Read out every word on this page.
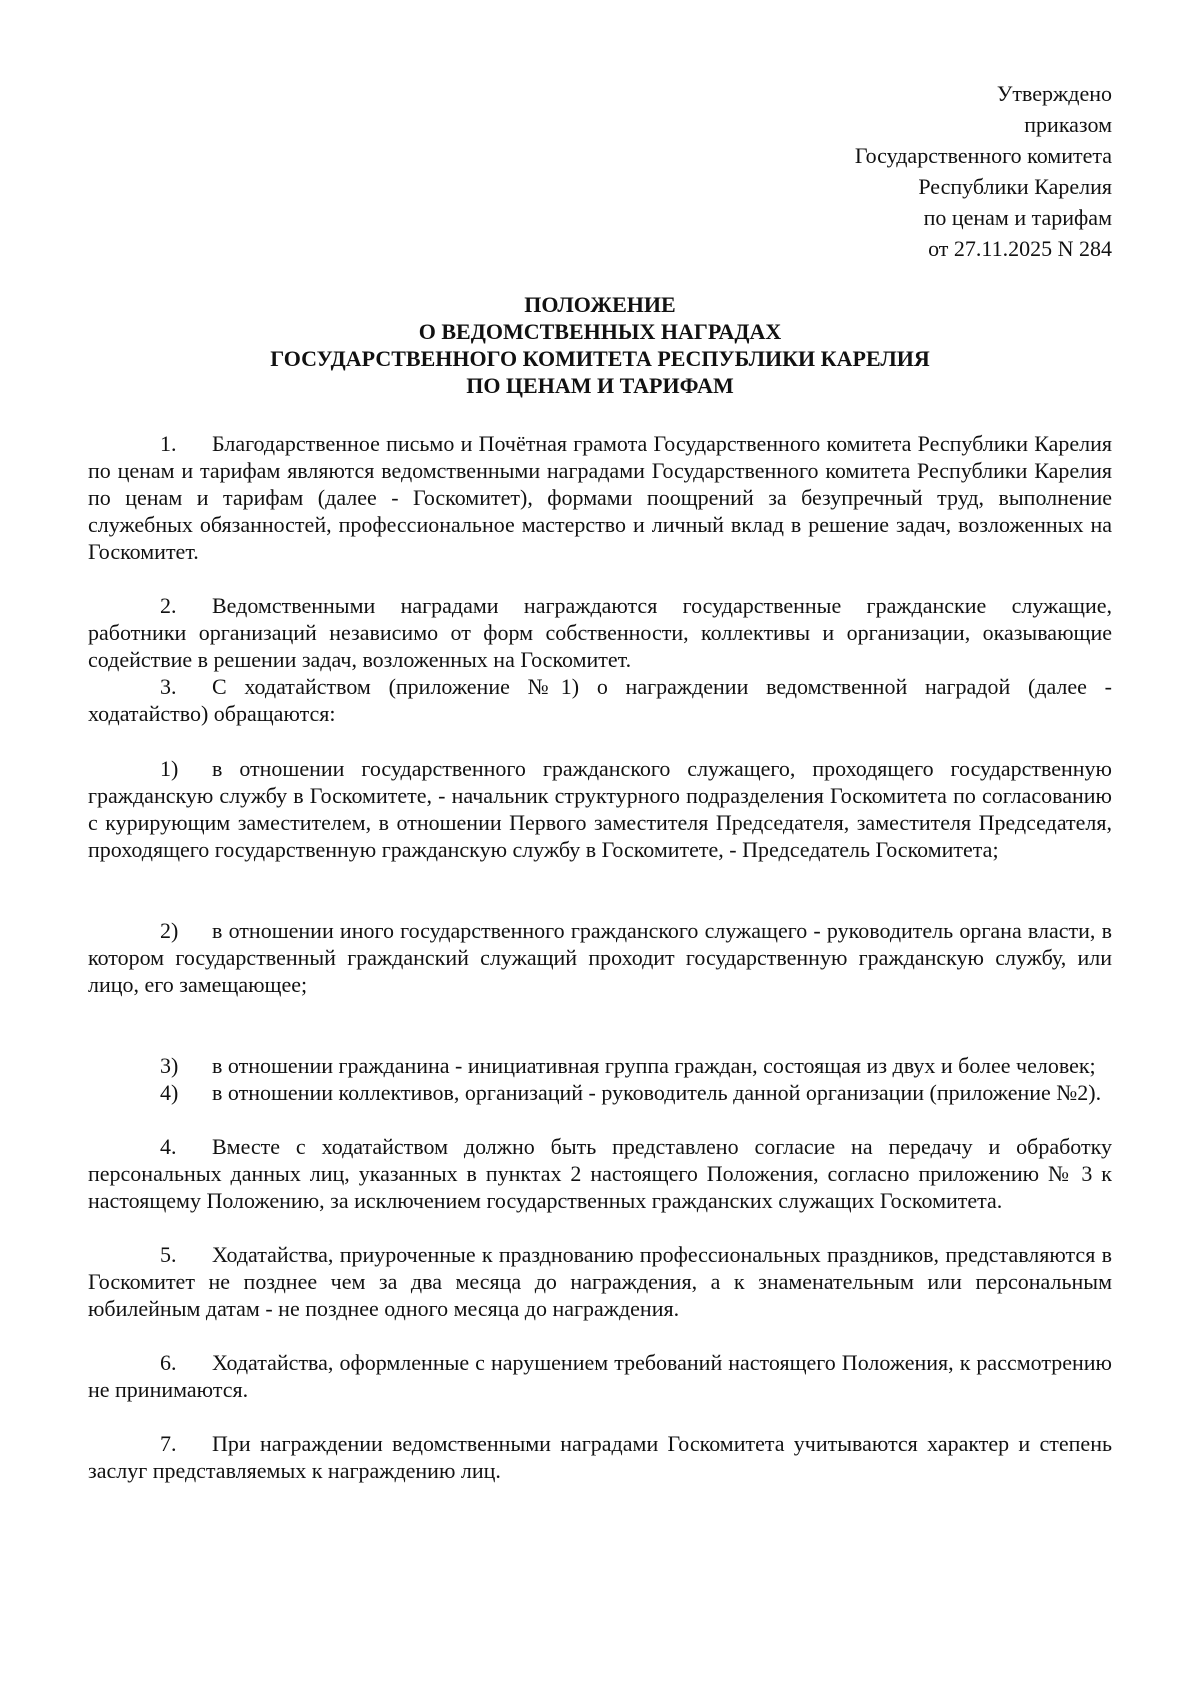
Утверждено
приказом
Государственного комитета
Республики Карелия
по ценам и тарифам
от 27.11.2025 N 284
ПОЛОЖЕНИЕ
О ВЕДОМСТВЕННЫХ НАГРАДАХ
ГОСУДАРСТВЕННОГО КОМИТЕТА РЕСПУБЛИКИ КАРЕЛИЯ
ПО ЦЕНАМ И ТАРИФАМ

1. Благодарственное письмо и Почётная грамота Государственного комитета Республики Карелия по ценам и тарифам являются ведомственными наградами Государственного комитета Республики Карелия по ценам и тарифам (далее - Госкомитет), формами поощрений за безупречный труд, выполнение служебных обязанностей, профессиональное мастерство и личный вклад в решение задач, возложенных на Госкомитет.

2. Ведомственными наградами награждаются государственные гражданские служащие, работники организаций независимо от форм собственности, коллективы и организации, оказывающие содействие в решении задач, возложенных на Госкомитет.

3. С ходатайством (приложение №1) о награждении ведомственной наградой (далее - ходатайство) обращаются:

1) в отношении государственного гражданского служащего, проходящего государственную гражданскую службу в Госкомитете, - начальник структурного подразделения Госкомитета по согласованию с курирующим заместителем, в отношении Первого заместителя Председателя, заместителя Председателя, проходящего государственную гражданскую службу в Госкомитете, - Председатель Госкомитета;

2) в отношении иного государственного гражданского служащего - руководитель органа власти, в котором государственный гражданский служащий проходит государственную гражданскую службу, или лицо, его замещающее;

3) в отношении гражданина - инициативная группа граждан, состоящая из двух и более человек;

4) в отношении коллективов, организаций - руководитель данной организации (приложение №2).

4. Вместе с ходатайством должно быть представлено согласие на передачу и обработку персональных данных лиц, указанных в пунктах 2 настоящего Положения, согласно приложению № 3 к настоящему Положению, за исключением государственных гражданских служащих Госкомитета.

5. Ходатайства, приуроченные к празднованию профессиональных праздников, представляются в Госкомитет не позднее чем за два месяца до награждения, а к знаменательным или персональным юбилейным датам - не позднее одного месяца до награждения.

6. Ходатайства, оформленные с нарушением требований настоящего Положения, к рассмотрению не принимаются.

7. При награждении ведомственными наградами Госкомитета учитываются характер и степень заслуг представляемых к награждению лиц.
